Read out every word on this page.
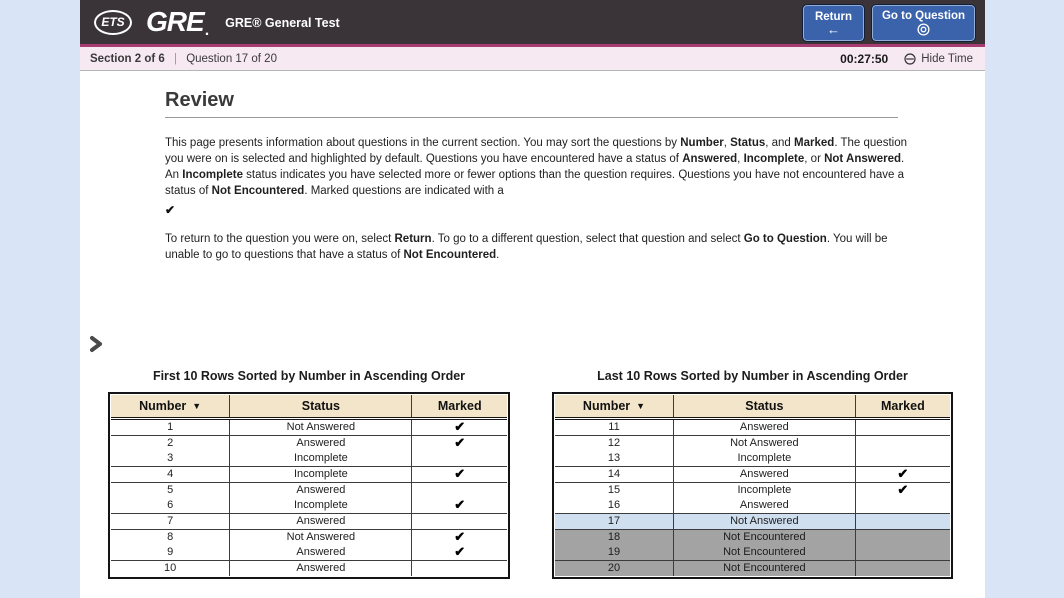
ETS GRE . GRE® General Test	Return
←
Go to Question
Section 2 of 6 | Question 17 of 20	00:27:50	Hide Time
Review

This page presents information about questions in the current section. You may sort the questions by Number, Status, and Marked. The question you were on is selected and highlighted by default. Questions you have encountered have a status of Answered, Incomplete, or Not Answered. An Incomplete status indicates you have selected more or fewer options than the question requires. Questions you have not encountered have a status of Not Encountered. Marked questions are indicated with a

✔

To return to the question you were on, select Return. To go to a different question, select that question and select Go to Question. You will be unable to go to questions that have a status of Not Encountered.

First 10 Rows Sorted by Number in Ascending Order
Number ▼	Status	Marked
1	Not Answered	✔
2	Answered	✔
3	Incomplete	
4	Incomplete	✔
5	Answered	
6	Incomplete	✔
7	Answered	
8	Not Answered	✔
9	Answered	✔
10	Answered	
Last 10 Rows Sorted by Number in Ascending Order
Number ▼	Status	Marked
11	Answered	
12	Not Answered	
13	Incomplete	
14	Answered	✔
15	Incomplete	✔
16	Answered	
17	Not Answered	
18	Not Encountered	
19	Not Encountered	
20	Not Encountered	
